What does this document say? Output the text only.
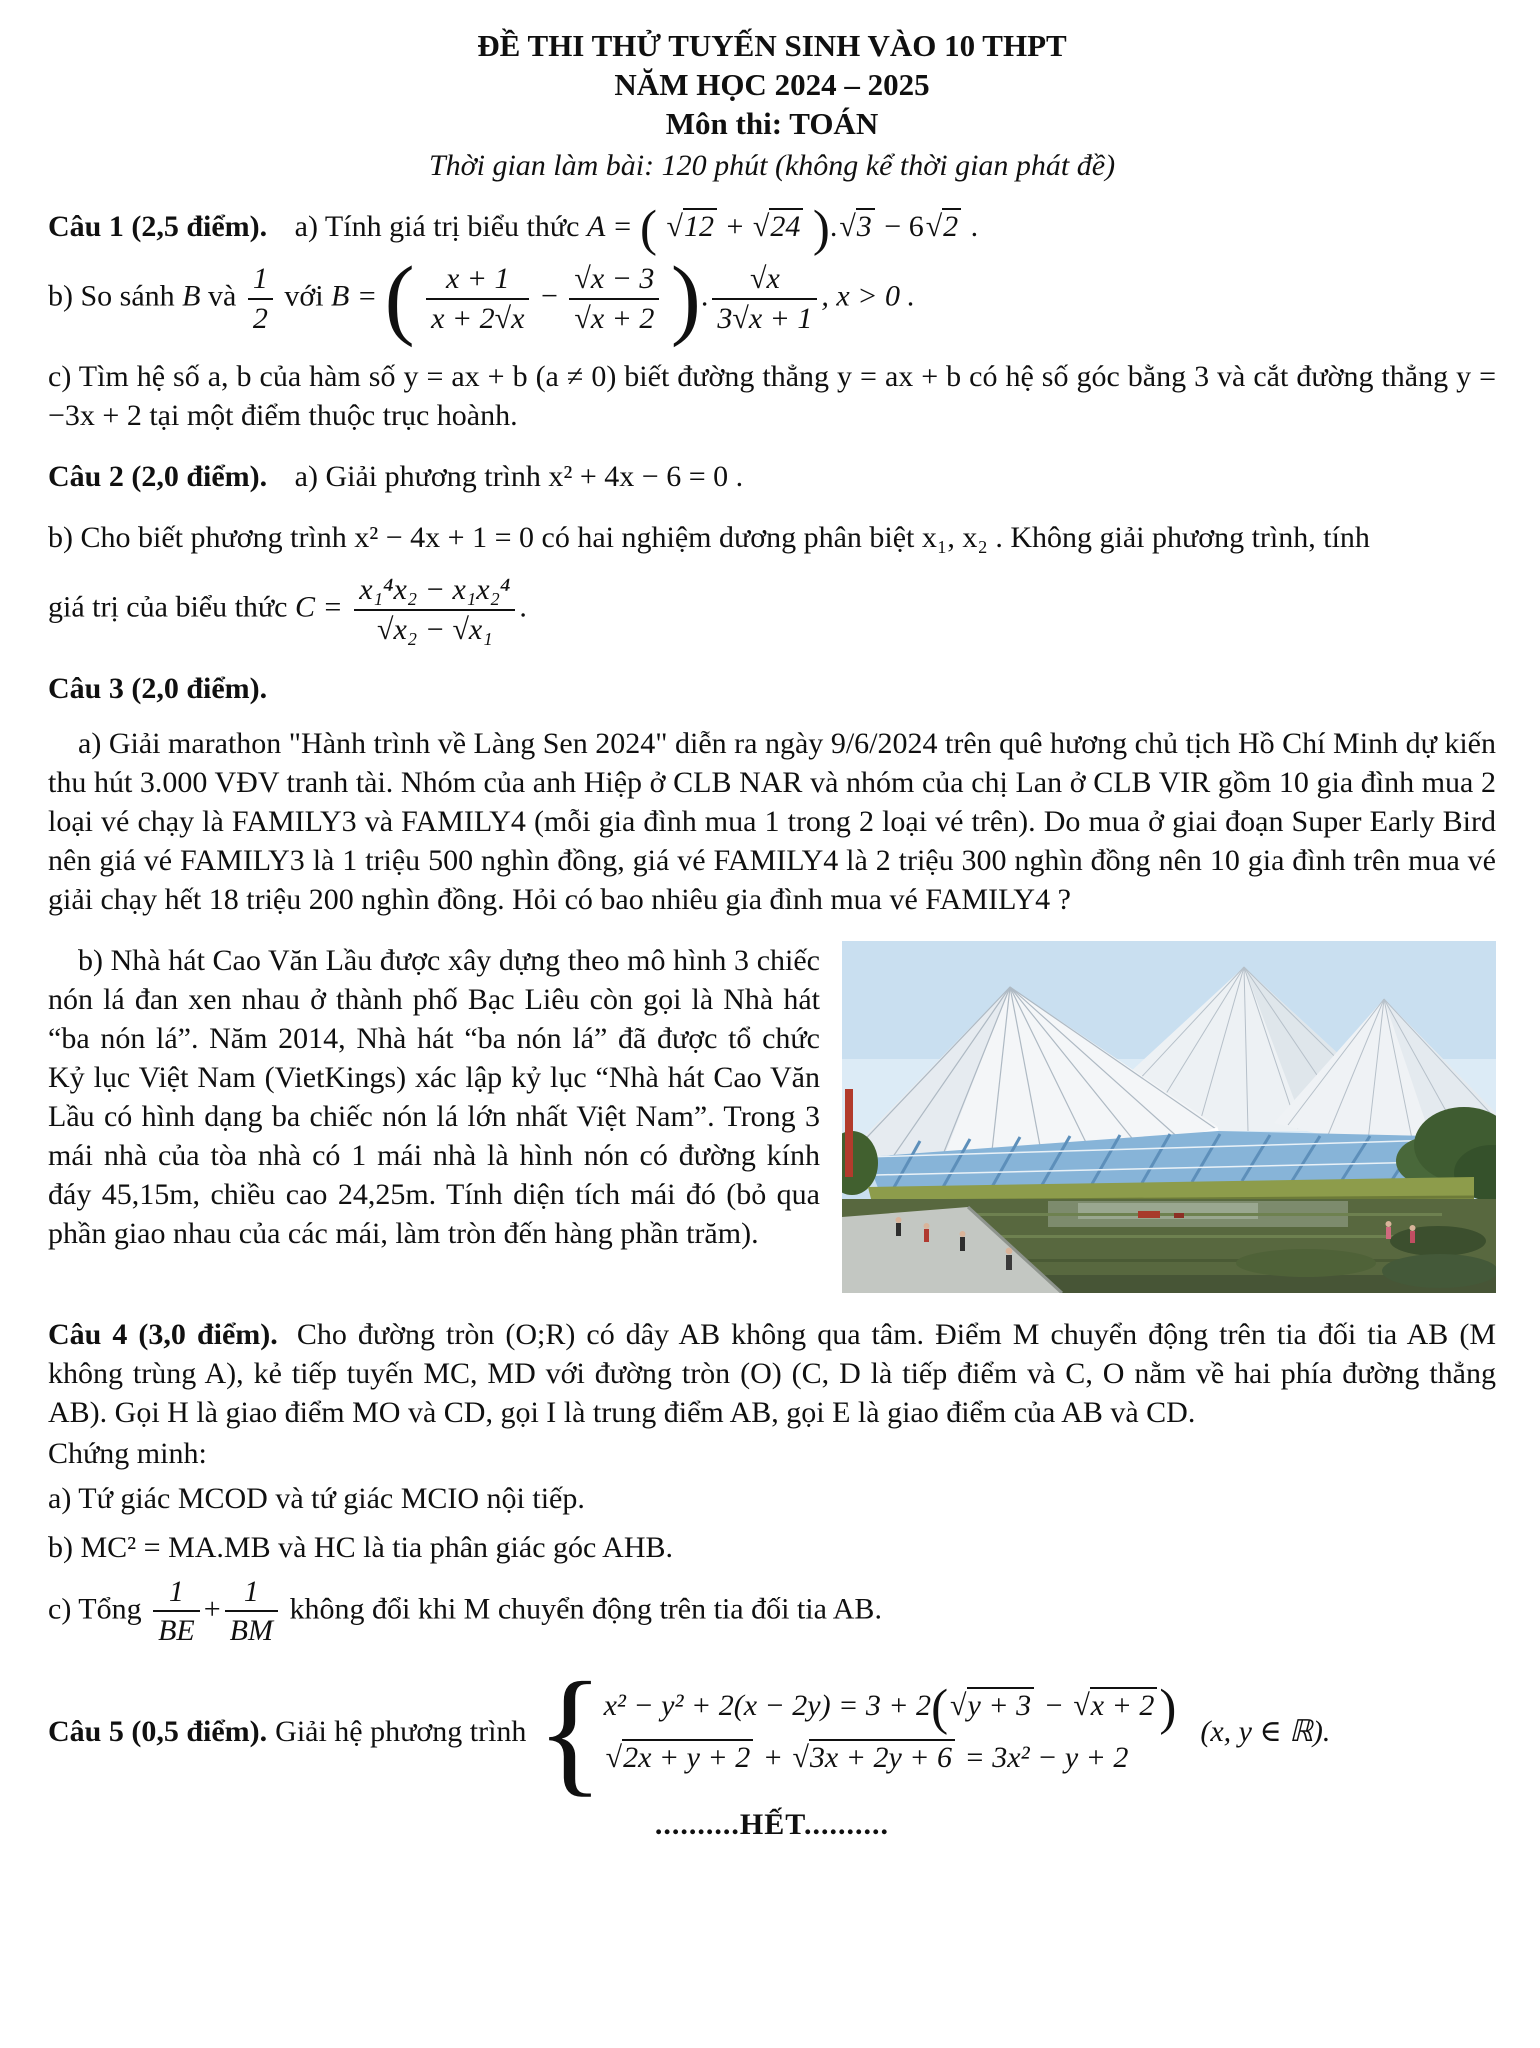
ĐỀ THI THỬ TUYẾN SINH VÀO 10 THPT
NĂM HỌC 2024 – 2025
Môn thi: TOÁN
Thời gian làm bài: 120 phút (không kể thời gian phát đề)

Câu 1 (2,5 điểm). a) Tính giá trị biểu thức A = ( √12 + √24 ).√3 − 6√2 .

b) So sánh B và $\frac{1}{2}$ với B = ( $\frac{x + 1}{x + 2√x} - \frac{√x - 3}{√x + 2}$ ). $\frac{√x}{3√x + 1}$ , x > 0 .

c) Tìm hệ số a, b của hàm số y = ax + b (a ≠ 0) biết đường thẳng y = ax + b có hệ số góc bằng 3 và cắt đường thẳng y = −3x + 2 tại một điểm thuộc trục hoành.

Câu 2 (2,0 điểm). a) Giải phương trình x² + 4x − 6 = 0 .

b) Cho biết phương trình x² − 4x + 1 = 0 có hai nghiệm dương phân biệt x₁, x₂ . Không giải phương trình, tính

giá trị của biểu thức $C = \frac{\text{x₁⁴x₂ − x₁x₂⁴}}{\text{√x₂ − √x₁}}$ .

Câu 3 (2,0 điểm).

a) Giải marathon "Hành trình về Làng Sen 2024" diễn ra ngày 9/6/2024 trên quê hương chủ tịch Hồ Chí Minh dự kiến thu hút 3.000 VĐV tranh tài. Nhóm của anh Hiệp ở CLB NAR và nhóm của chị Lan ở CLB VIR gồm 10 gia đình mua 2 loại vé chạy là FAMILY3 và FAMILY4 (mỗi gia đình mua 1 trong 2 loại vé trên). Do mua ở giai đoạn Super Early Bird nên giá vé FAMILY3 là 1 triệu 500 nghìn đồng, giá vé FAMILY4 là 2 triệu 300 nghìn đồng nên 10 gia đình trên mua vé giải chạy hết 18 triệu 200 nghìn đồng. Hỏi có bao nhiêu gia đình mua vé FAMILY4 ?

b) Nhà hát Cao Văn Lầu được xây dựng theo mô hình 3 chiếc nón lá đan xen nhau ở thành phố Bạc Liêu còn gọi là Nhà hát “ba nón lá”. Năm 2014, Nhà hát “ba nón lá” đã được tổ chức Kỷ lục Việt Nam (VietKings) xác lập kỷ lục “Nhà hát Cao Văn Lầu có hình dạng ba chiếc nón lá lớn nhất Việt Nam”. Trong 3 mái nhà của tòa nhà có 1 mái nhà là hình nón có đường kính đáy 45,15m, chiều cao 24,25m. Tính diện tích mái đó (bỏ qua phần giao nhau của các mái, làm tròn đến hàng phần trăm).

Câu 4 (3,0 điểm). Cho đường tròn (O;R) có dây AB không qua tâm. Điểm M chuyển động trên tia đối tia AB (M không trùng A), kẻ tiếp tuyến MC, MD với đường tròn (O) (C, D là tiếp điểm và C, O nằm về hai phía đường thẳng AB). Gọi H là giao điểm MO và CD, gọi I là trung điểm AB, gọi E là giao điểm của AB và CD.

Chứng minh:

a) Tứ giác MCOD và tứ giác MCIO nội tiếp.

b) MC² = MA.MB và HC là tia phân giác góc AHB.

c) Tổng $\frac{1}{BE} + \frac{1}{BM}$ không đổi khi M chuyển động trên tia đối tia AB.

Câu 5 (0,5 điểm). Giải hệ phương trình { x² − y² + 2(x − 2y) = 3 + 2(√y + 3 − √x + 2)
√2x + y + 2 + √3x + 2y + 6 = 3x² − y + 2
(x, y ∈ ℝ).

..........HẾT..........
